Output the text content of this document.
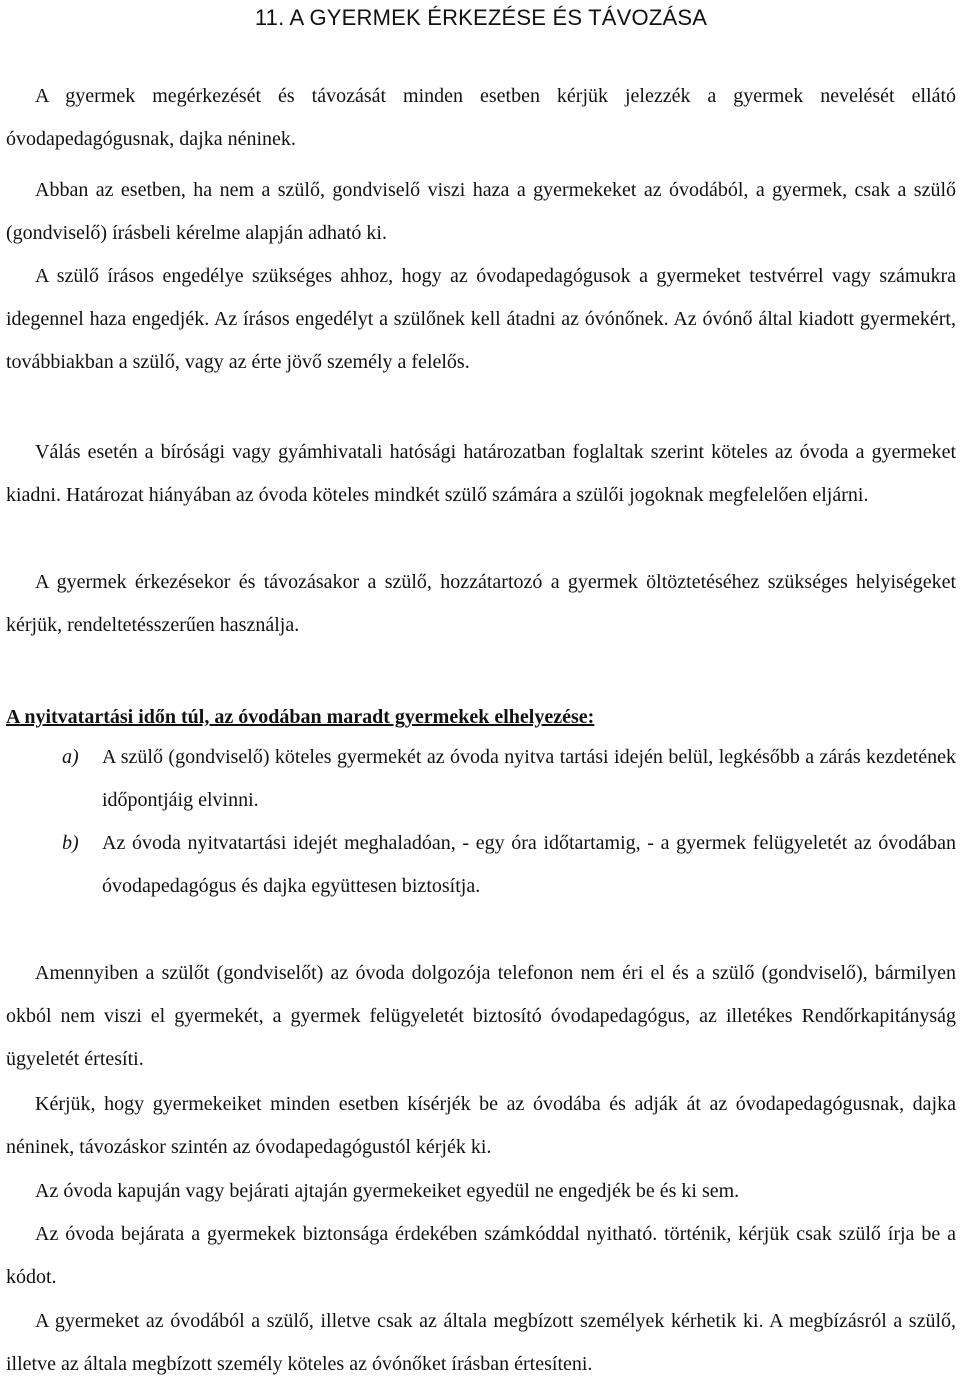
11. A GYERMEK ÉRKEZÉSE ÉS TÁVOZÁSA

A gyermek megérkezését és távozását minden esetben kérjük jelezzék a gyermek nevelését ellátó óvodapedagógusnak, dajka néninek.

Abban az esetben, ha nem a szülő, gondviselő viszi haza a gyermekeket az óvodából, a gyermek, csak a szülő (gondviselő) írásbeli kérelme alapján adható ki.

A szülő írásos engedélye szükséges ahhoz, hogy az óvodapedagógusok a gyermeket testvérrel vagy számukra idegennel haza engedjék. Az írásos engedélyt a szülőnek kell átadni az óvónőnek. Az óvónő által kiadott gyermekért, továbbiakban a szülő, vagy az érte jövő személy a felelős.

Válás esetén a bírósági vagy gyámhivatali hatósági határozatban foglaltak szerint köteles az óvoda a gyermeket kiadni. Határozat hiányában az óvoda köteles mindkét szülő számára a szülői jogoknak megfelelően eljárni.

A gyermek érkezésekor és távozásakor a szülő, hozzátartozó a gyermek öltöztetéséhez szükséges helyiségeket kérjük, rendeltetésszerűen használja.

A nyitvatartási időn túl, az óvodában maradt gyermekek elhelyezése:
a) A szülő (gondviselő) köteles gyermekét az óvoda nyitva tartási idején belül, legkésőbb a zárás kezdetének időpontjáig elvinni.
b) Az óvoda nyitvatartási idejét meghaladóan, - egy óra időtartamig, - a gyermek felügyeletét az óvodában óvodapedagógus és dajka együttesen biztosítja.

Amennyiben a szülőt (gondviselőt) az óvoda dolgozója telefonon nem éri el és a szülő (gondviselő), bármilyen okból nem viszi el gyermekét, a gyermek felügyeletét biztosító óvodapedagógus, az illetékes Rendőrkapitányság ügyeletét értesíti.

Kérjük, hogy gyermekeiket minden esetben kísérjék be az óvodába és adják át az óvodapedagógusnak, dajka néninek, távozáskor szintén az óvodapedagógustól kérjék ki.

Az óvoda kapuján vagy bejárati ajtaján gyermekeiket egyedül ne engedjék be és ki sem.

Az óvoda bejárata a gyermekek biztonsága érdekében számkóddal nyitható. történik, kérjük csak szülő írja be a kódot.

A gyermeket az óvodából a szülő, illetve csak az általa megbízott személyek kérhetik ki. A megbízásról a szülő, illetve az általa megbízott személy köteles az óvónőket írásban értesíteni.
